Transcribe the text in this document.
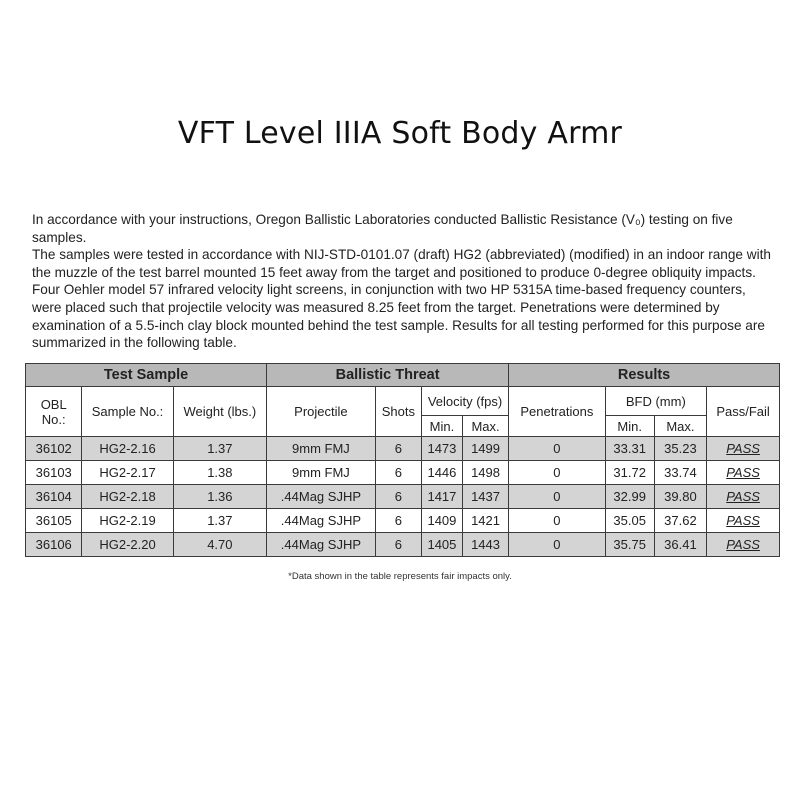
VFT Level IIIA Soft Body Armr

In accordance with your instructions, Oregon Ballistic Laboratories conducted Ballistic Resistance (V₀) testing on five samples.

The samples were tested in accordance with NIJ-STD-0101.07 (draft) HG2 (abbreviated) (modified) in an indoor range with the muzzle of the test barrel mounted 15 feet away from the target and positioned to produce 0-degree obliquity impacts. Four Oehler model 57 infrared velocity light screens, in conjunction with two HP 5315A time-based frequency counters, were placed such that projectile velocity was measured 8.25 feet from the target. Penetrations were determined by examination of a 5.5-inch clay block mounted behind the test sample. Results for all testing performed for this purpose are summarized in the following table.

Test Sample			Ballistic Threat				Results			
OBL No.:	Sample No.:	Weight (lbs.)	Projectile	Shots	Velocity (fps)		Penetrations	BFD (mm)		Pass/Fail
					Min.	Max.		Min.	Max.	
36102	HG2-2.16	1.37	9mm FMJ	6	1473	1499	0	33.31	35.23	PASS
36103	HG2-2.17	1.38	9mm FMJ	6	1446	1498	0	31.72	33.74	PASS
36104	HG2-2.18	1.36	.44Mag SJHP	6	1417	1437	0	32.99	39.80	PASS
36105	HG2-2.19	1.37	.44Mag SJHP	6	1409	1421	0	35.05	37.62	PASS
36106	HG2-2.20	4.70	.44Mag SJHP	6	1405	1443	0	35.75	36.41	PASS
*Data shown in the table represents fair impacts only.
